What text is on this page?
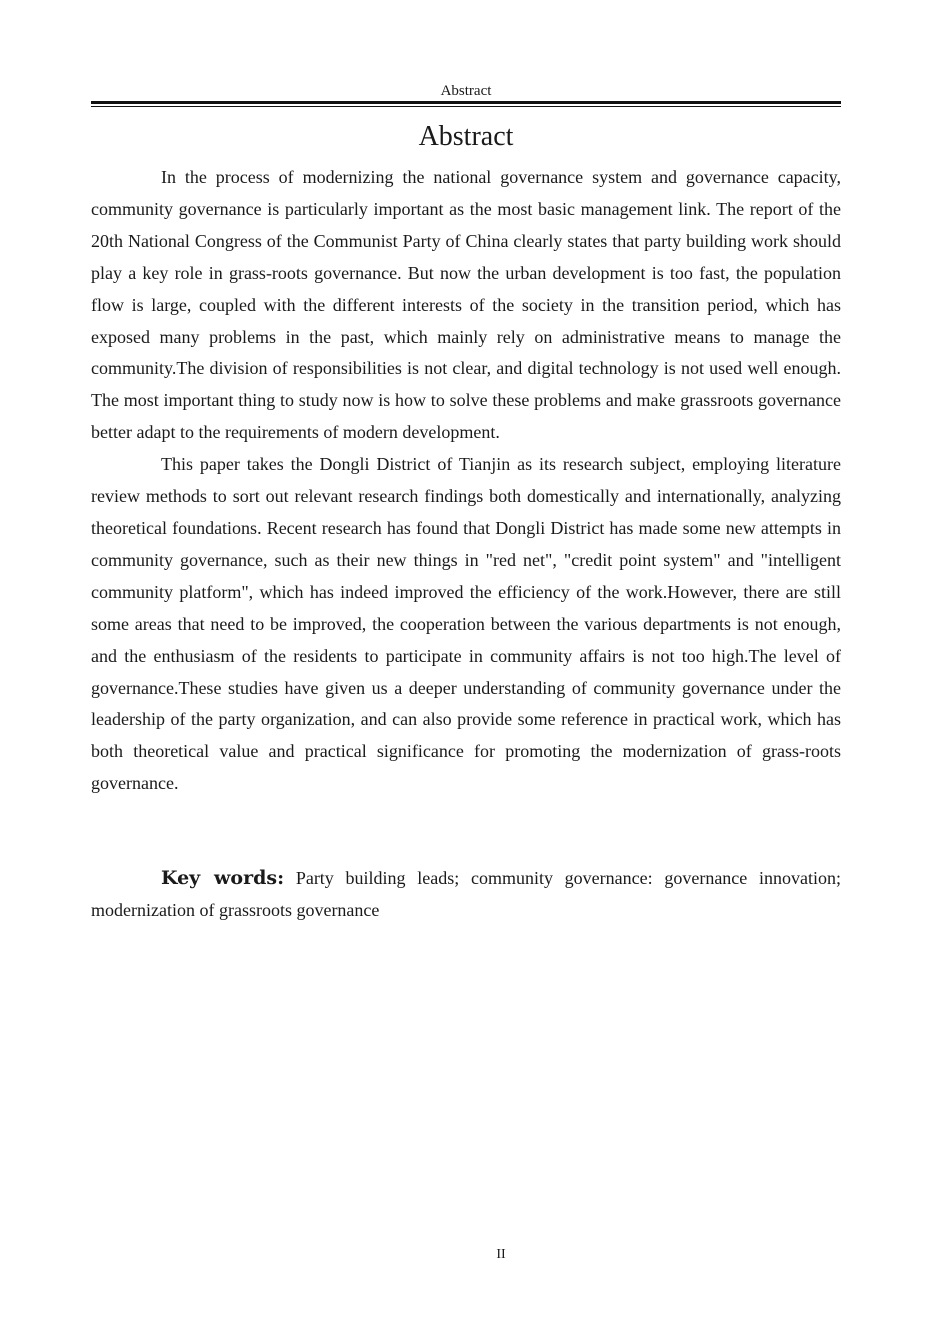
Abstract
Abstract

In the process of modernizing the national governance system and governance capacity, community governance is particularly important as the most basic management link. The report of the 20th National Congress of the Communist Party of China clearly states that party building work should play a key role in grass-roots governance. But now the urban development is too fast, the population flow is large, coupled with the different interests of the society in the transition period, which has exposed many problems in the past, which mainly rely on administrative means to manage the community.The division of responsibilities is not clear, and digital technology is not used well enough. The most important thing to study now is how to solve these problems and make grassroots governance better adapt to the requirements of modern development.

This paper takes the Dongli District of Tianjin as its research subject, employing literature review methods to sort out relevant research findings both domestically and internationally, analyzing theoretical foundations. Recent research has found that Dongli District has made some new attempts in community governance, such as their new things in "red net", "credit point system" and "intelligent community platform", which has indeed improved the efficiency of the work.However, there are still some areas that need to be improved, the cooperation between the various departments is not enough, and the enthusiasm of the residents to participate in community affairs is not too high.The level of governance.These studies have given us a deeper understanding of community governance under the leadership of the party organization, and can also provide some reference in practical work, which has both theoretical value and practical significance for promoting the modernization of grass-roots governance.

Key words: Party building leads; community governance: governance innovation; modernization of grassroots governance

II
